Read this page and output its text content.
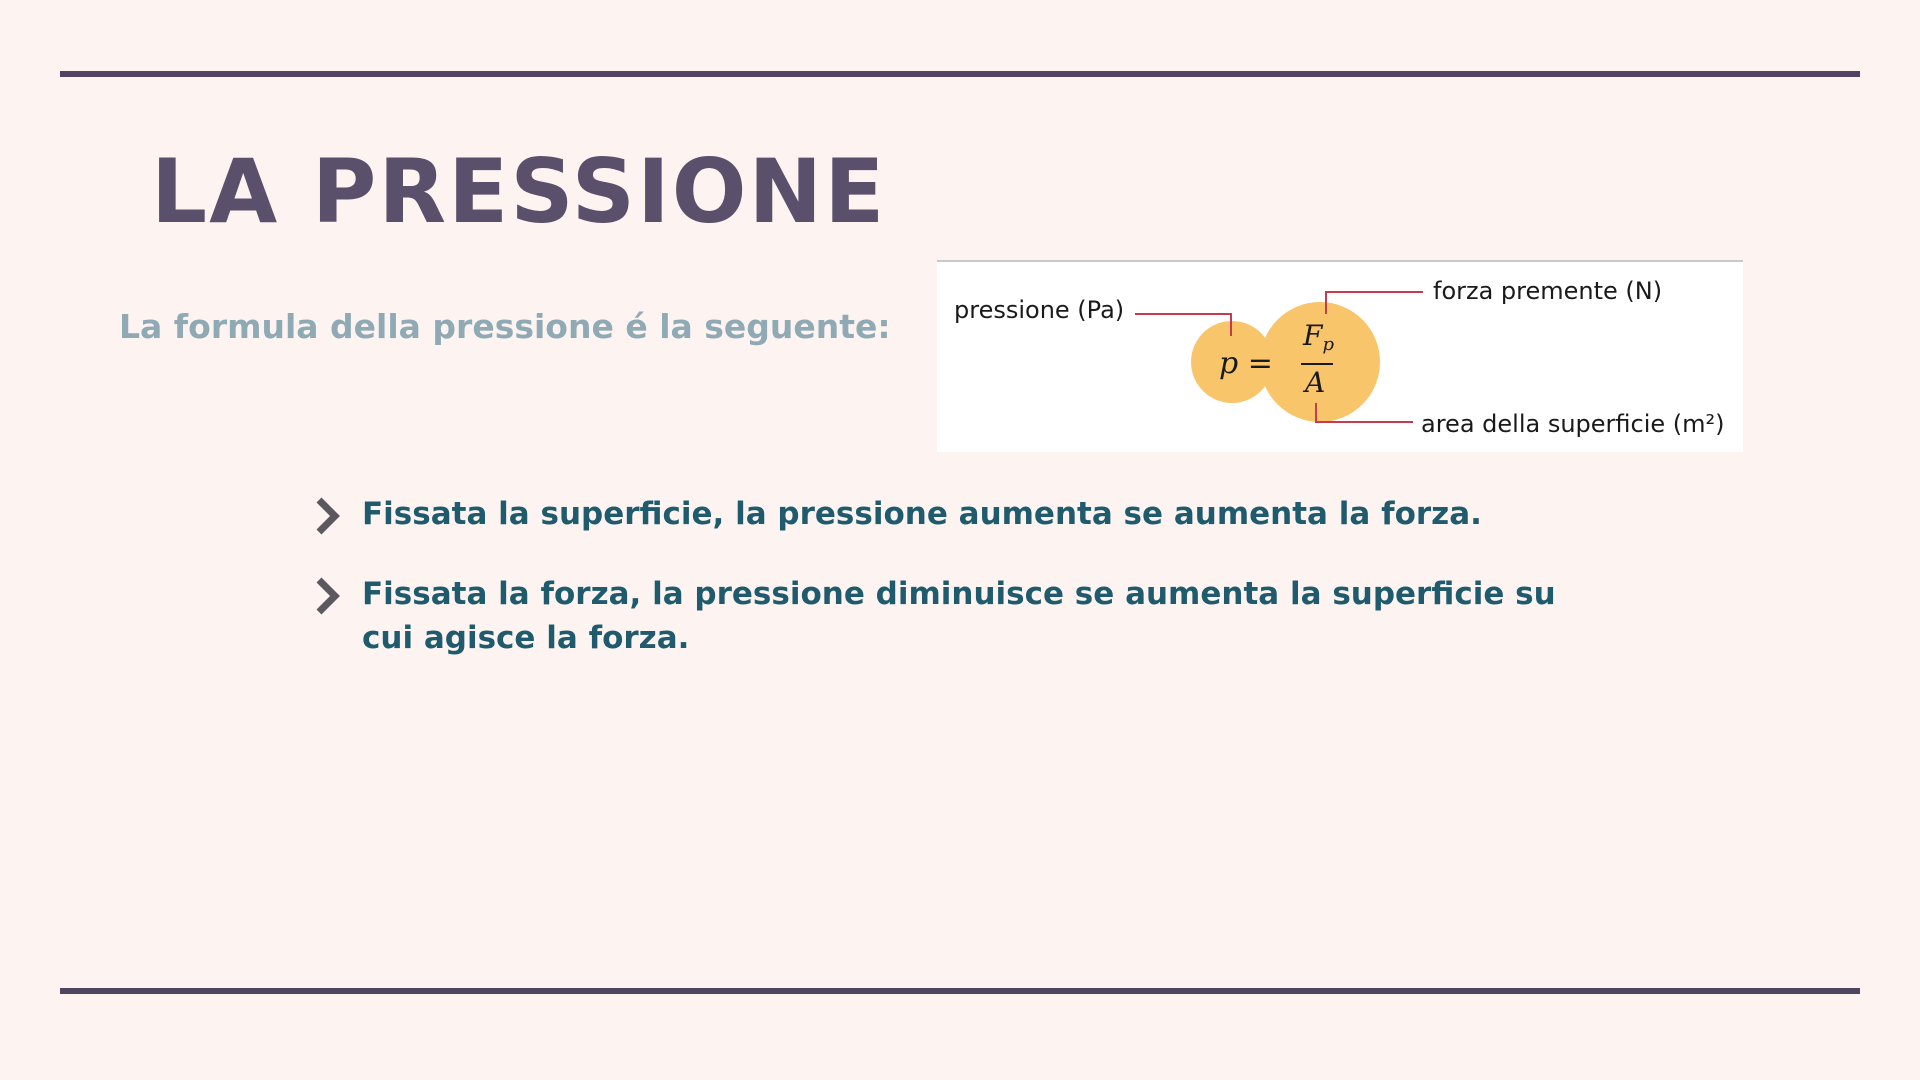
LA PRESSIONE

La formula della pressione é la seguente:	pressione (Pa)
forza premente (N)
area della superficie (m²)
p =
$F_p$
A
Fissata la superficie, la pressione aumenta se aumenta la forza.
Fissata la forza, la pressione diminuisce se aumenta la superficie su cui agisce la forza.
